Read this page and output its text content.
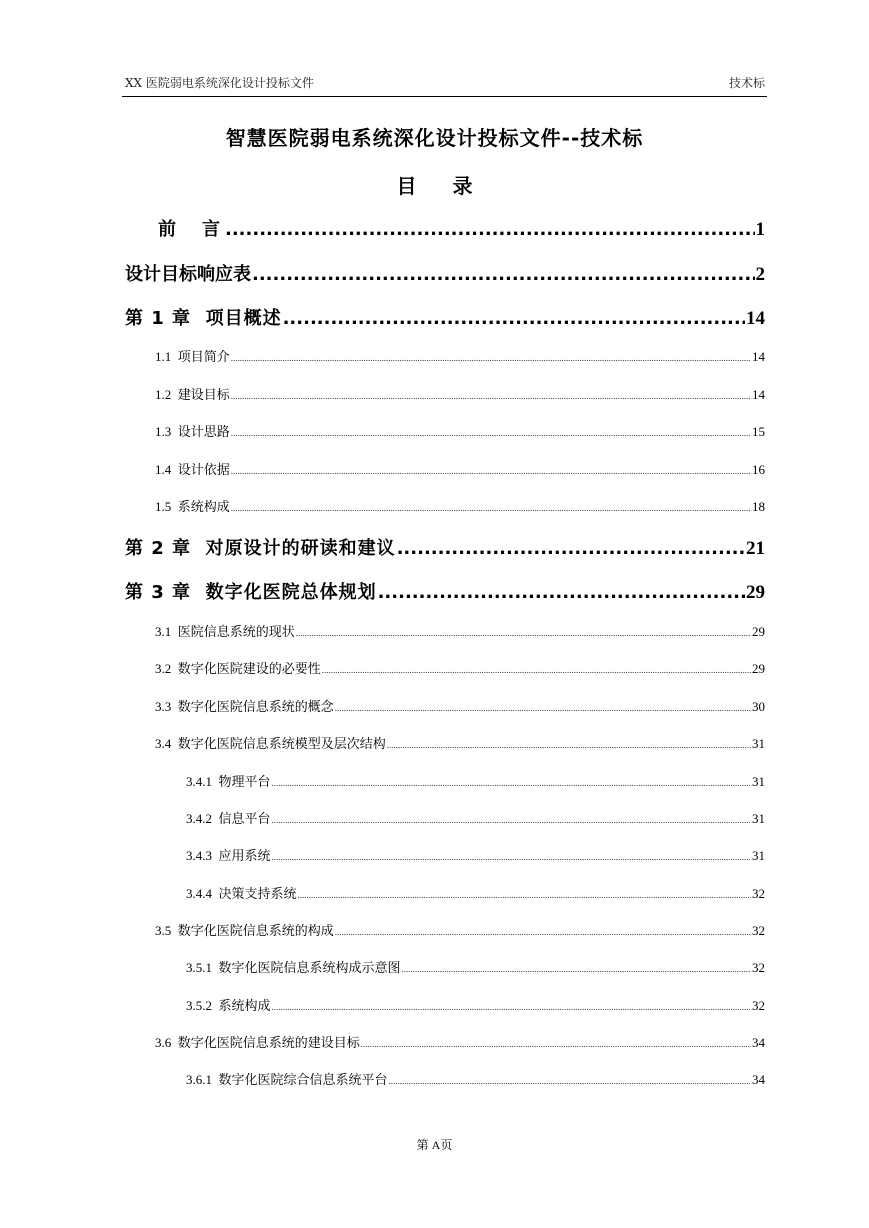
XX 医院弱电系统深化设计投标文件	技术标
智慧医院弱电系统深化设计投标文件--技术标
目录
前　言 .....	1
设计目标响应表 .....	2
第 1 章  项目概述 .....	14
1.1  项目简介 .....	14
1.2  建设目标 .....	14
1.3  设计思路 .....	15
1.4  设计依据 .....	16
1.5  系统构成 .....	18
第 2 章  对原设计的研读和建议 .....	21
第 3 章  数字化医院总体规划 .....	29
3.1  医院信息系统的现状 .....	29
3.2  数字化医院建设的必要性 .....	29
3.3  数字化医院信息系统的概念 .....	30
3.4  数字化医院信息系统模型及层次结构 .....	31
3.4.1  物理平台 .....	31
3.4.2  信息平台 .....	31
3.4.3  应用系统 .....	31
3.4.4  决策支持系统 .....	32
3.5  数字化医院信息系统的构成 .....	32
3.5.1  数字化医院信息系统构成示意图 .....	32
3.5.2  系统构成 .....	32
3.6  数字化医院信息系统的建设目标 .....	34
3.6.1  数字化医院综合信息系统平台 .....	34
第 A页
